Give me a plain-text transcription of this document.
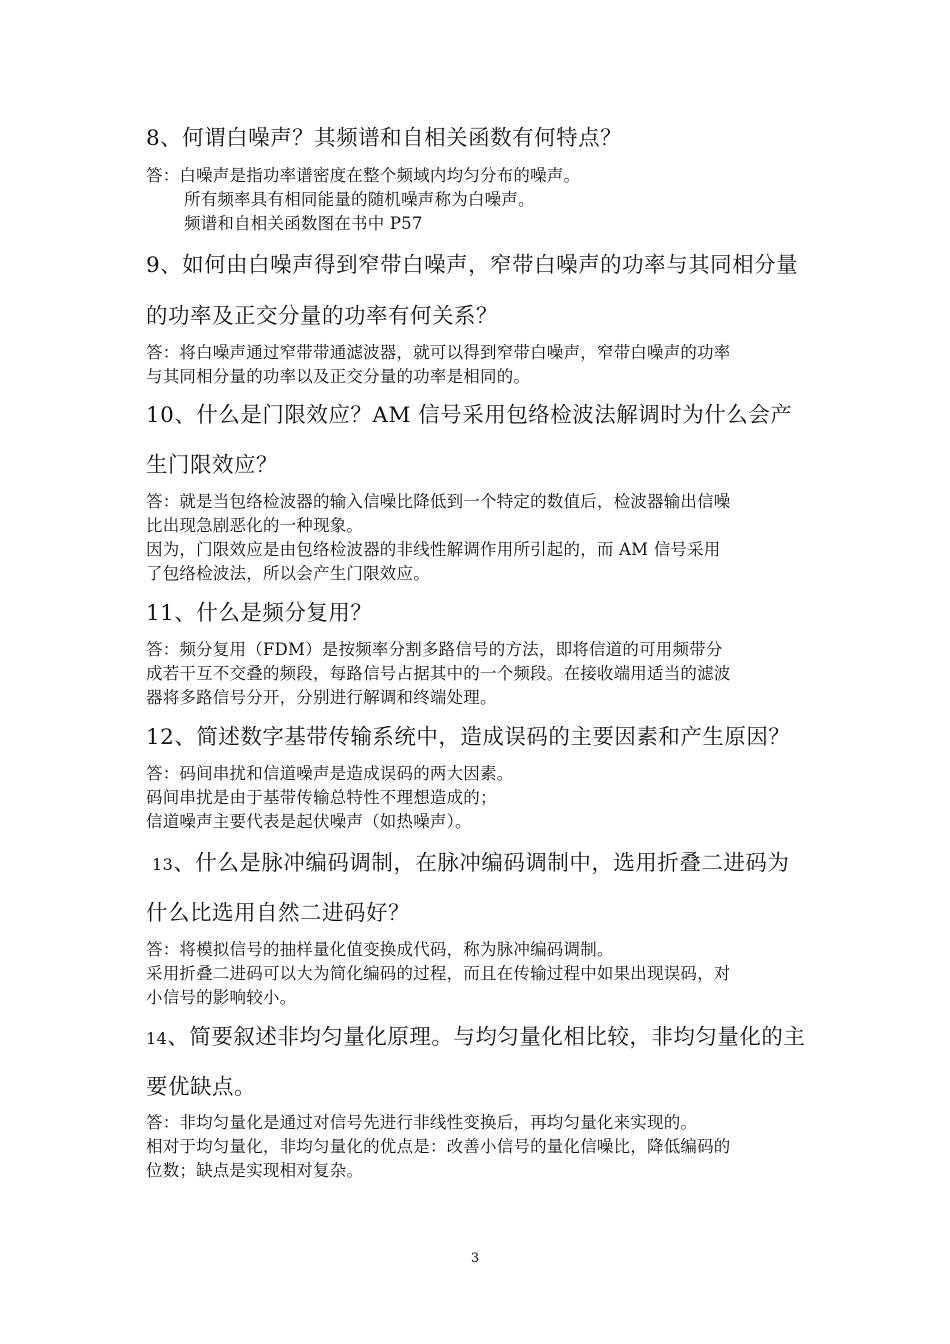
8、何谓白噪声？其频谱和自相关函数有何特点？
答：白噪声是指功率谱密度在整个频域内均匀分布的噪声。
所有频率具有相同能量的随机噪声称为白噪声。
频谱和自相关函数图在书中 P57
9、如何由白噪声得到窄带白噪声，窄带白噪声的功率与其同相分量
的功率及正交分量的功率有何关系？
答：将白噪声通过窄带带通滤波器，就可以得到窄带白噪声，窄带白噪声的功率
与其同相分量的功率以及正交分量的功率是相同的。
10、什么是门限效应？AM 信号采用包络检波法解调时为什么会产
生门限效应？
答：就是当包络检波器的输入信噪比降低到一个特定的数值后，检波器输出信噪
比出现急剧恶化的一种现象。
因为，门限效应是由包络检波器的非线性解调作用所引起的，而 AM 信号采用
了包络检波法，所以会产生门限效应。
11、什么是频分复用？
答：频分复用（FDM）是按频率分割多路信号的方法，即将信道的可用频带分
成若干互不交叠的频段，每路信号占据其中的一个频段。在接收端用适当的滤波
器将多路信号分开，分别进行解调和终端处理。
12、简述数字基带传输系统中，造成误码的主要因素和产生原因？
答：码间串扰和信道噪声是造成误码的两大因素。
码间串扰是由于基带传输总特性不理想造成的；
信道噪声主要代表是起伏噪声（如热噪声）。
13、什么是脉冲编码调制，在脉冲编码调制中，选用折叠二进码为
什么比选用自然二进码好？
答：将模拟信号的抽样量化值变换成代码，称为脉冲编码调制。
采用折叠二进码可以大为简化编码的过程，而且在传输过程中如果出现误码，对
小信号的影响较小。
14、简要叙述非均匀量化原理。与均匀量化相比较，非均匀量化的主
要优缺点。
答：非均匀量化是通过对信号先进行非线性变换后，再均匀量化来实现的。
相对于均匀量化，非均匀量化的优点是：改善小信号的量化信噪比，降低编码的
位数；缺点是实现相对复杂。
3
